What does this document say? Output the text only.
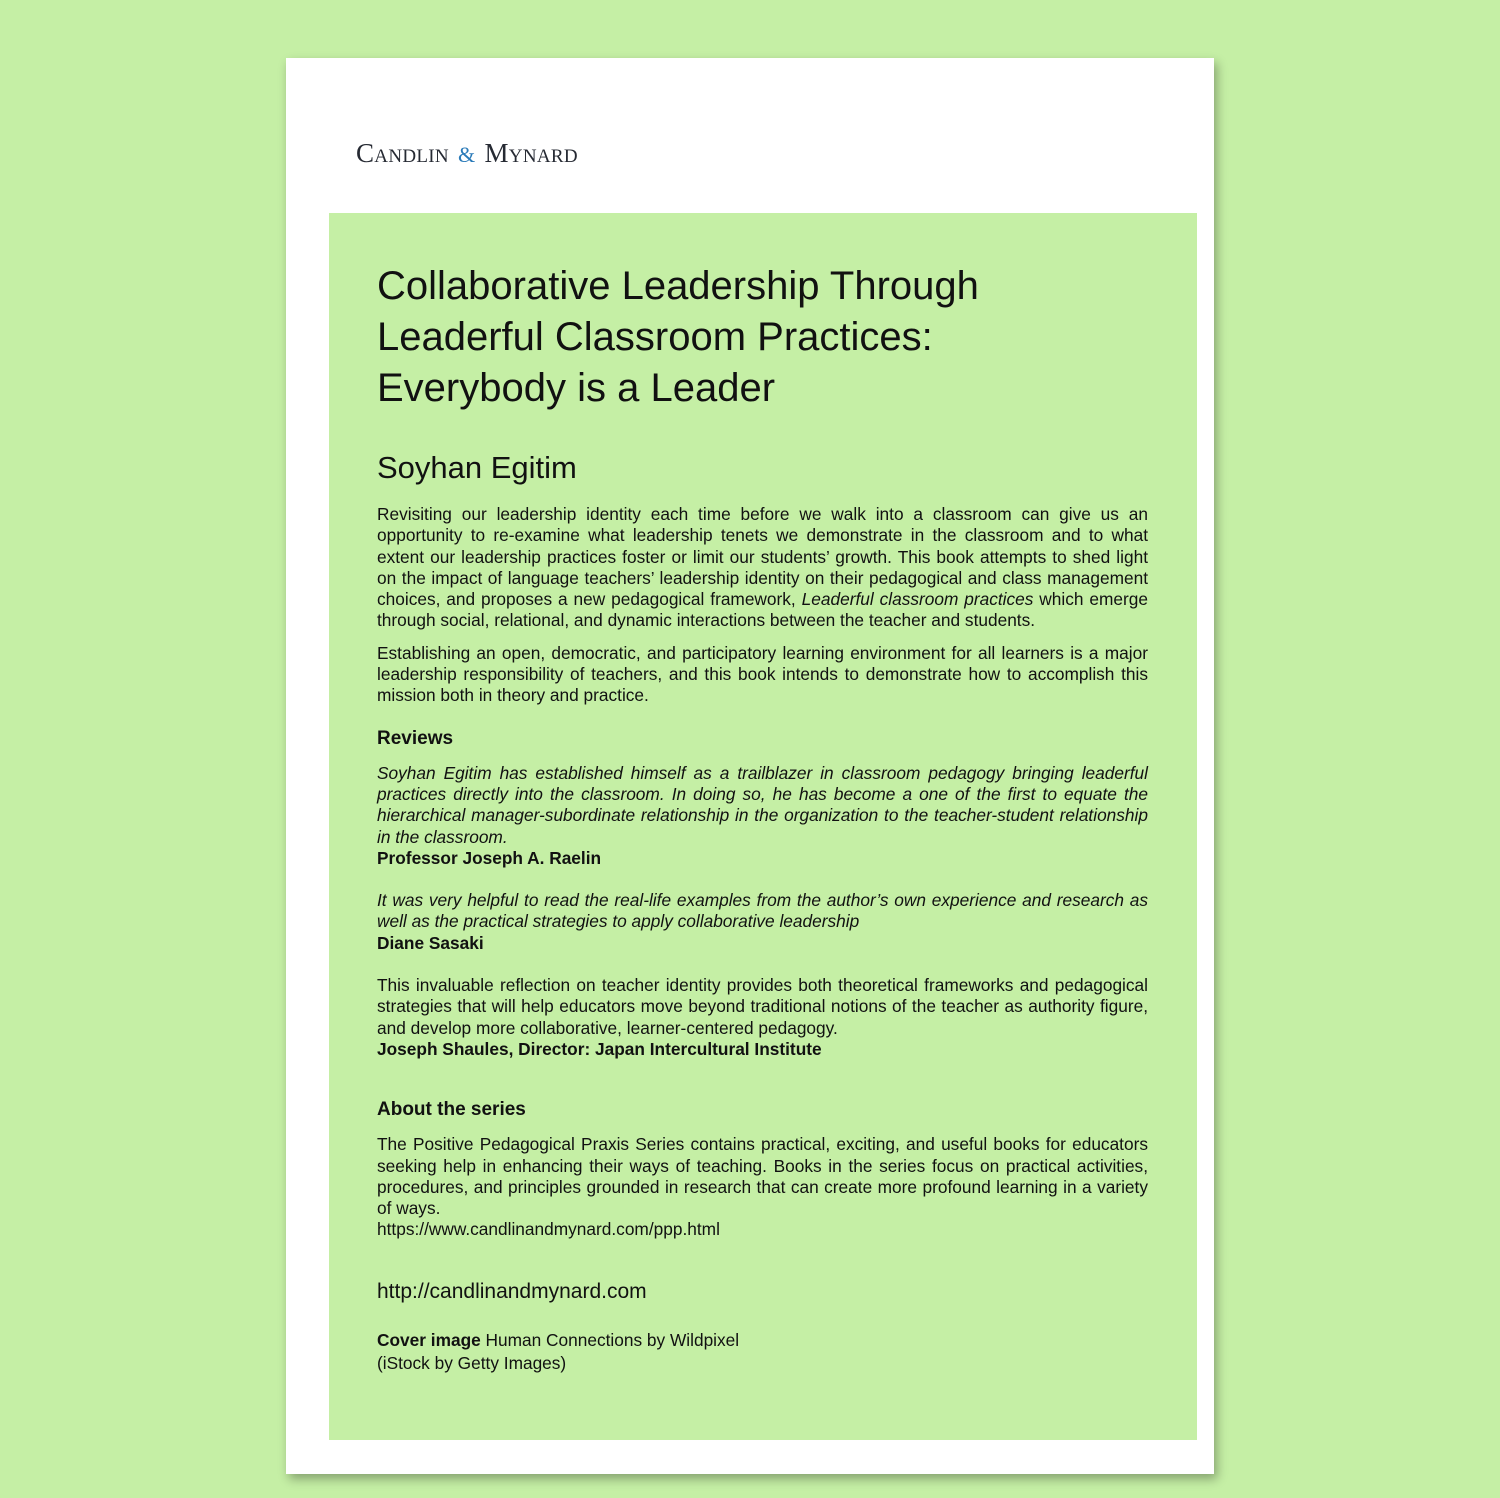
Candlin & Mynard
Collaborative Leadership Through
Leaderful Classroom Practices:
Everybody is a Leader
Soyhan Egitim

Revisiting our leadership identity each time before we walk into a classroom can give us an opportunity to re-examine what leadership tenets we demonstrate in the classroom and to what extent our leadership practices foster or limit our students’ growth. This book attempts to shed light on the impact of language teachers’ leadership identity on their pedagogical and class management choices, and proposes a new pedagogical framework, Leaderful classroom practices which emerge through social, relational, and dynamic interactions between the teacher and students.

Establishing an open, democratic, and participatory learning environment for all learners is a major leadership responsibility of teachers, and this book intends to demonstrate how to accomplish this mission both in theory and practice.

Reviews

Soyhan Egitim has established himself as a trailblazer in classroom pedagogy bringing leaderful practices directly into the classroom. In doing so, he has become a one of the first to equate the hierarchical manager-subordinate relationship in the organization to the teacher-student relationship in the classroom.

Professor Joseph A. Raelin

It was very helpful to read the real-life examples from the author’s own experience and research as well as the practical strategies to apply collaborative leadership

Diane Sasaki

This invaluable reflection on teacher identity provides both theoretical frameworks and pedagogical strategies that will help educators move beyond traditional notions of the teacher as authority figure, and develop more collaborative, learner-centered pedagogy.

Joseph Shaules, Director: Japan Intercultural Institute
About the series

The Positive Pedagogical Praxis Series contains practical, exciting, and useful books for educators seeking help in enhancing their ways of teaching. Books in the series focus on practical activities, procedures, and principles grounded in research that can create more profound learning in a variety of ways.
https://www.candlinandmynard.com/ppp.html

http://candlinandmynard.com
Cover image Human Connections by Wildpixel
(iStock by Getty Images)
